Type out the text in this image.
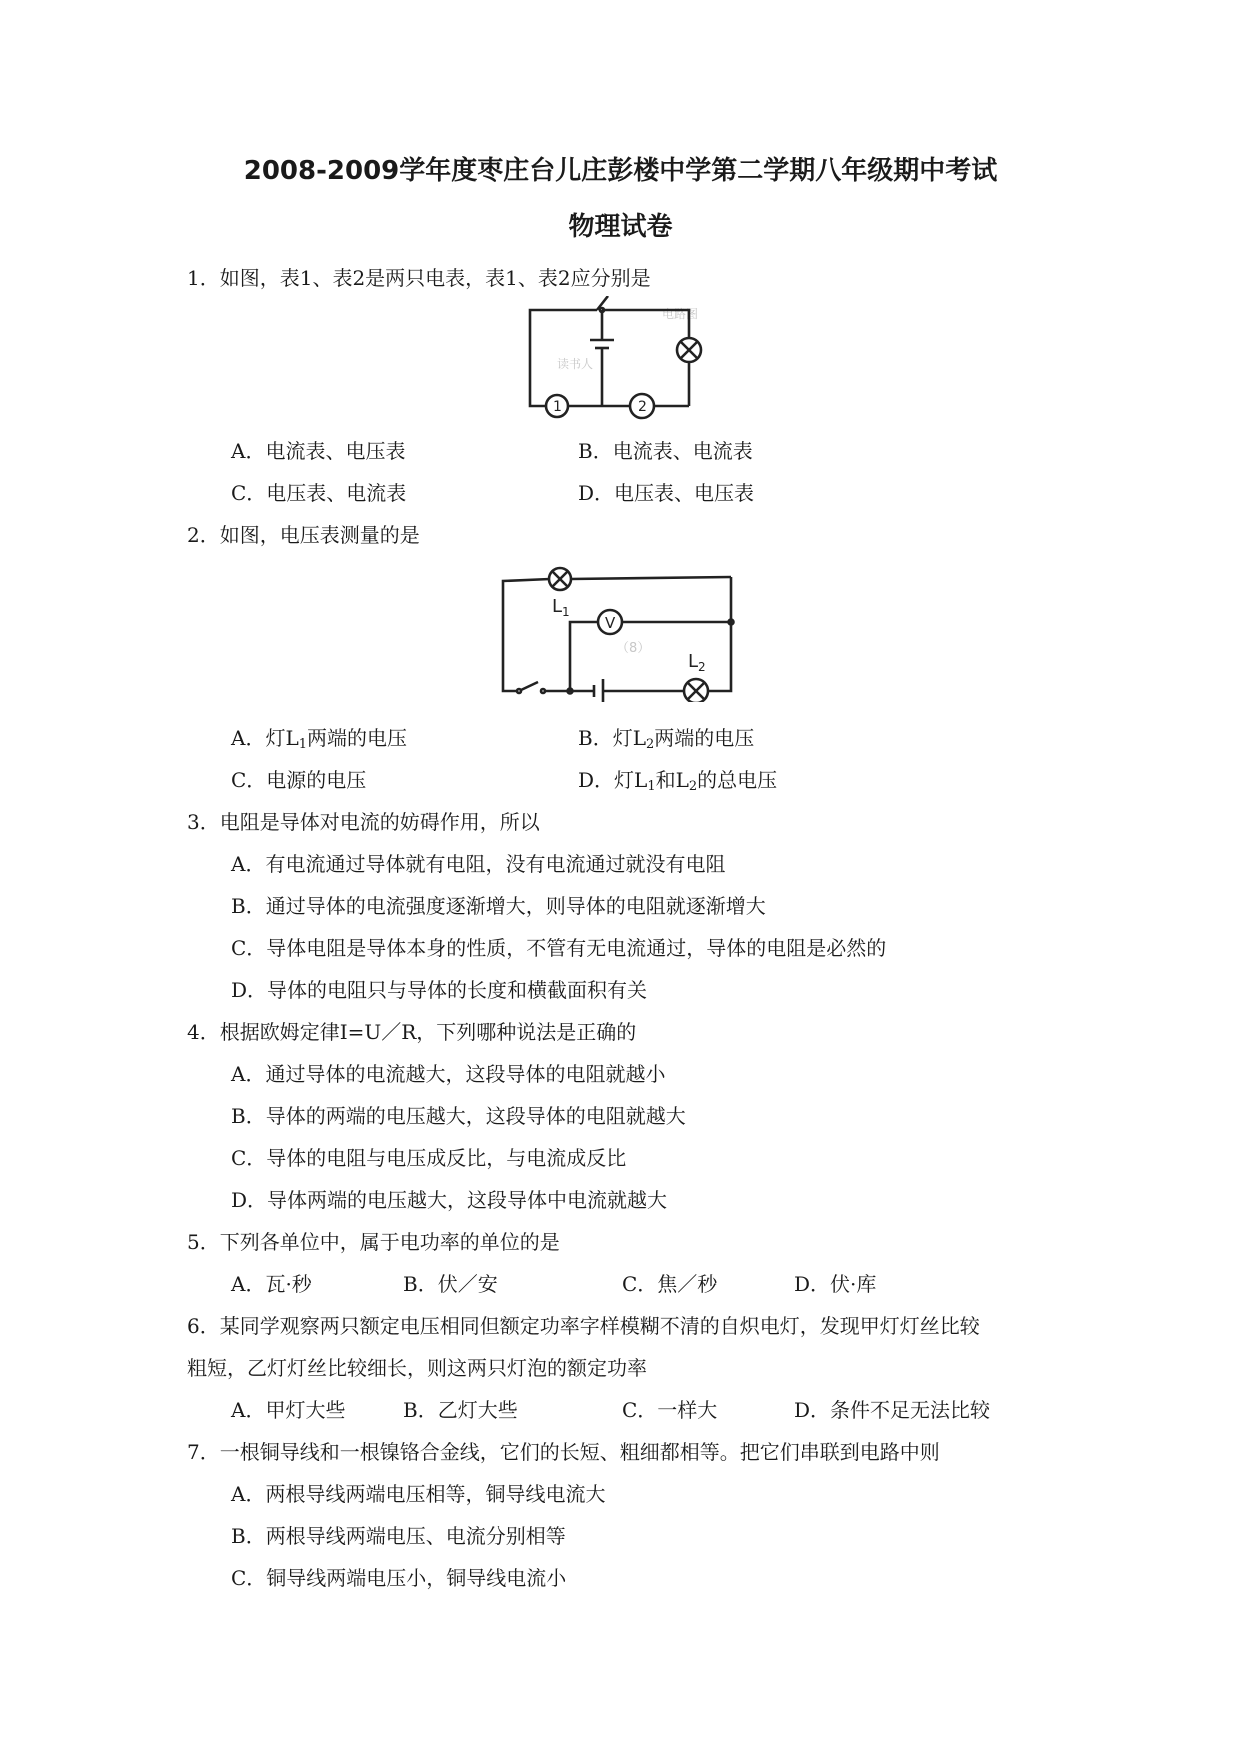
2008-2009学年度枣庄台儿庄彭楼中学第二学期八年级期中考试
物理试卷
1．如图，表1、表2是两只电表，表1、表2应分别是
电路图
读书人
1	2
A．电流表、电压表	B．电流表、电流表
C．电压表、电流表	D．电压表、电压表
2．如图，电压表测量的是
（8）
$L_1$
$L_2$
V
A．灯$L_1$两端的电压	B．灯$L_2$两端的电压
C．电源的电压	D．灯$L_1$和$L_2$的总电压
3．电阻是导体对电流的妨碍作用，所以
A．有电流通过导体就有电阻，没有电流通过就没有电阻
B．通过导体的电流强度逐渐增大，则导体的电阻就逐渐增大
C．导体电阻是导体本身的性质，不管有无电流通过，导体的电阻是必然的
D．导体的电阻只与导体的长度和横截面积有关
4．根据欧姆定律I=U／R，下列哪种说法是正确的
A．通过导体的电流越大，这段导体的电阻就越小
B．导体的两端的电压越大，这段导体的电阻就越大
C．导体的电阻与电压成反比，与电流成反比
D．导体两端的电压越大，这段导体中电流就越大
5．下列各单位中，属于电功率的单位的是
A．瓦·秒	B．伏／安	C．焦／秒	D．伏·库
6．某同学观察两只额定电压相同但额定功率字样模糊不清的自炽电灯，发现甲灯灯丝比较
粗短，乙灯灯丝比较细长，则这两只灯泡的额定功率
A．甲灯大些	B．乙灯大些	C．一样大	D．条件不足无法比较
7．一根铜导线和一根镍铬合金线，它们的长短、粗细都相等。把它们串联到电路中则
A．两根导线两端电压相等，铜导线电流大
B．两根导线两端电压、电流分别相等
C．铜导线两端电压小，铜导线电流小
